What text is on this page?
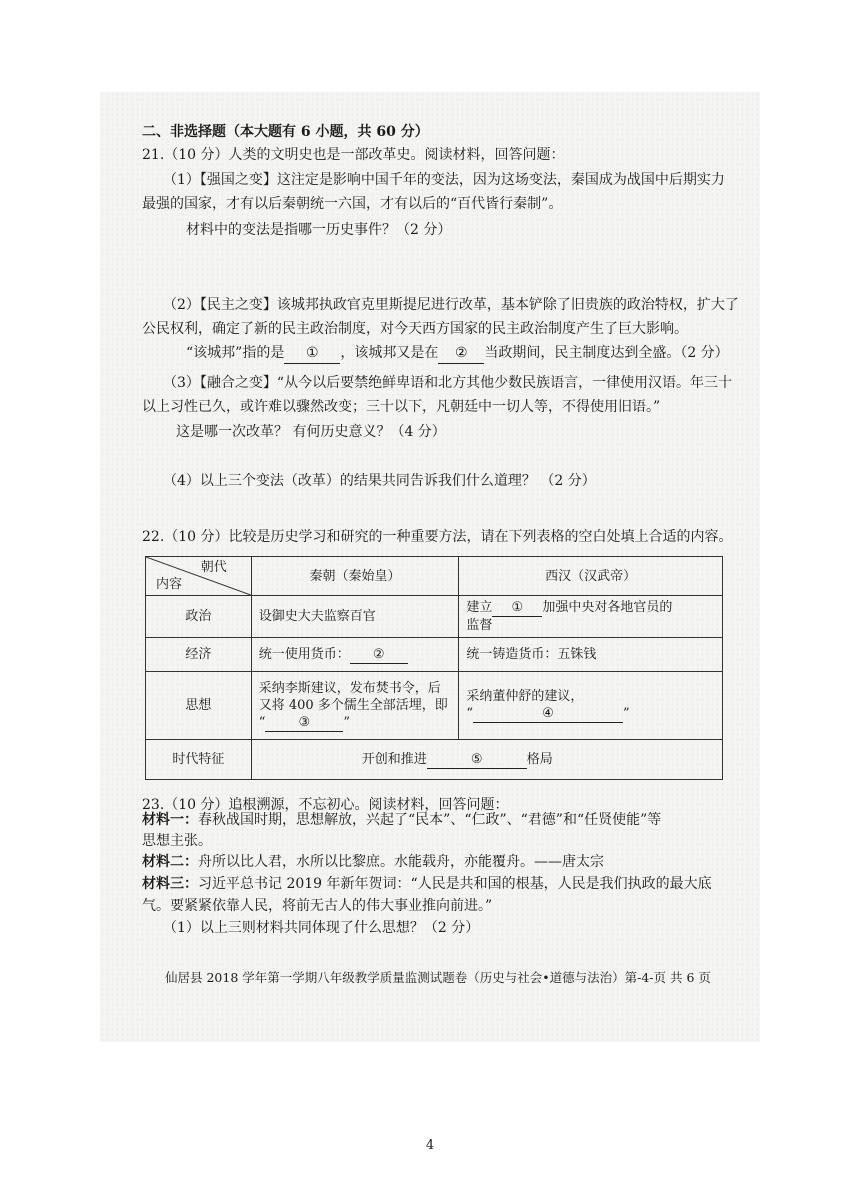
二、非选择题（本大题有 6 小题，共 60 分）
21.（10 分）人类的文明史也是一部改革史。阅读材料，回答问题：
（1）【强国之变】这注定是影响中国千年的变法，因为这场变法，秦国成为战国中后期实力
最强的国家，才有以后秦朝统一六国，才有以后的“百代皆行秦制”。
材料中的变法是指哪一历史事件？（2 分）
（2）【民主之变】该城邦执政官克里斯提尼进行改革，基本铲除了旧贵族的政治特权，扩大了
公民权利，确定了新的民主政治制度，对今天西方国家的民主政治制度产生了巨大影响。
“该城邦”指的是 ① ，该城邦又是在 ② 当政期间，民主制度达到全盛。（2 分）
（3）【融合之变】“从今以后要禁绝鲜卑语和北方其他少数民族语言，一律使用汉语。年三十
以上习性已久，或许难以骤然改变；三十以下，凡朝廷中一切人等，不得使用旧语。”
这是哪一次改革？ 有何历史意义？（4 分）
（4）以上三个变法（改革）的结果共同告诉我们什么道理？ （2 分）
22.（10 分）比较是历史学习和研究的一种重要方法，请在下列表格的空白处填上合适的内容。
朝代
内容	秦朝（秦始皇）	西汉（汉武帝）
政治	设御史大夫监察百官	建立 ① 加强中央对各地官员的
监督
经济	统一使用货币： ②	统一铸造货币：五铢钱
思想	采纳李斯建议，发布焚书令，后
又将 400 多个儒生全部活埋，即
“ ③ ”	采纳董仲舒的建议，
“ ④ ”
时代特征	开创和推进 ⑤ 格局	
23.（10 分）追根溯源，不忘初心。阅读材料，回答问题：
材料一：春秋战国时期，思想解放，兴起了“民本”、“仁政”、“君德”和“任贤使能”等
思想主张。
材料二：舟所以比人君，水所以比黎庶。水能载舟，亦能覆舟。——唐太宗
材料三：习近平总书记 2019 年新年贺词：“人民是共和国的根基，人民是我们执政的最大底
气。要紧紧依靠人民，将前无古人的伟大事业推向前进。”
（1）以上三则材料共同体现了什么思想？（2 分）
仙居县 2018 学年第一学期八年级教学质量监测试题卷（历史与社会•道德与法治）第-4-页 共 6 页
4
